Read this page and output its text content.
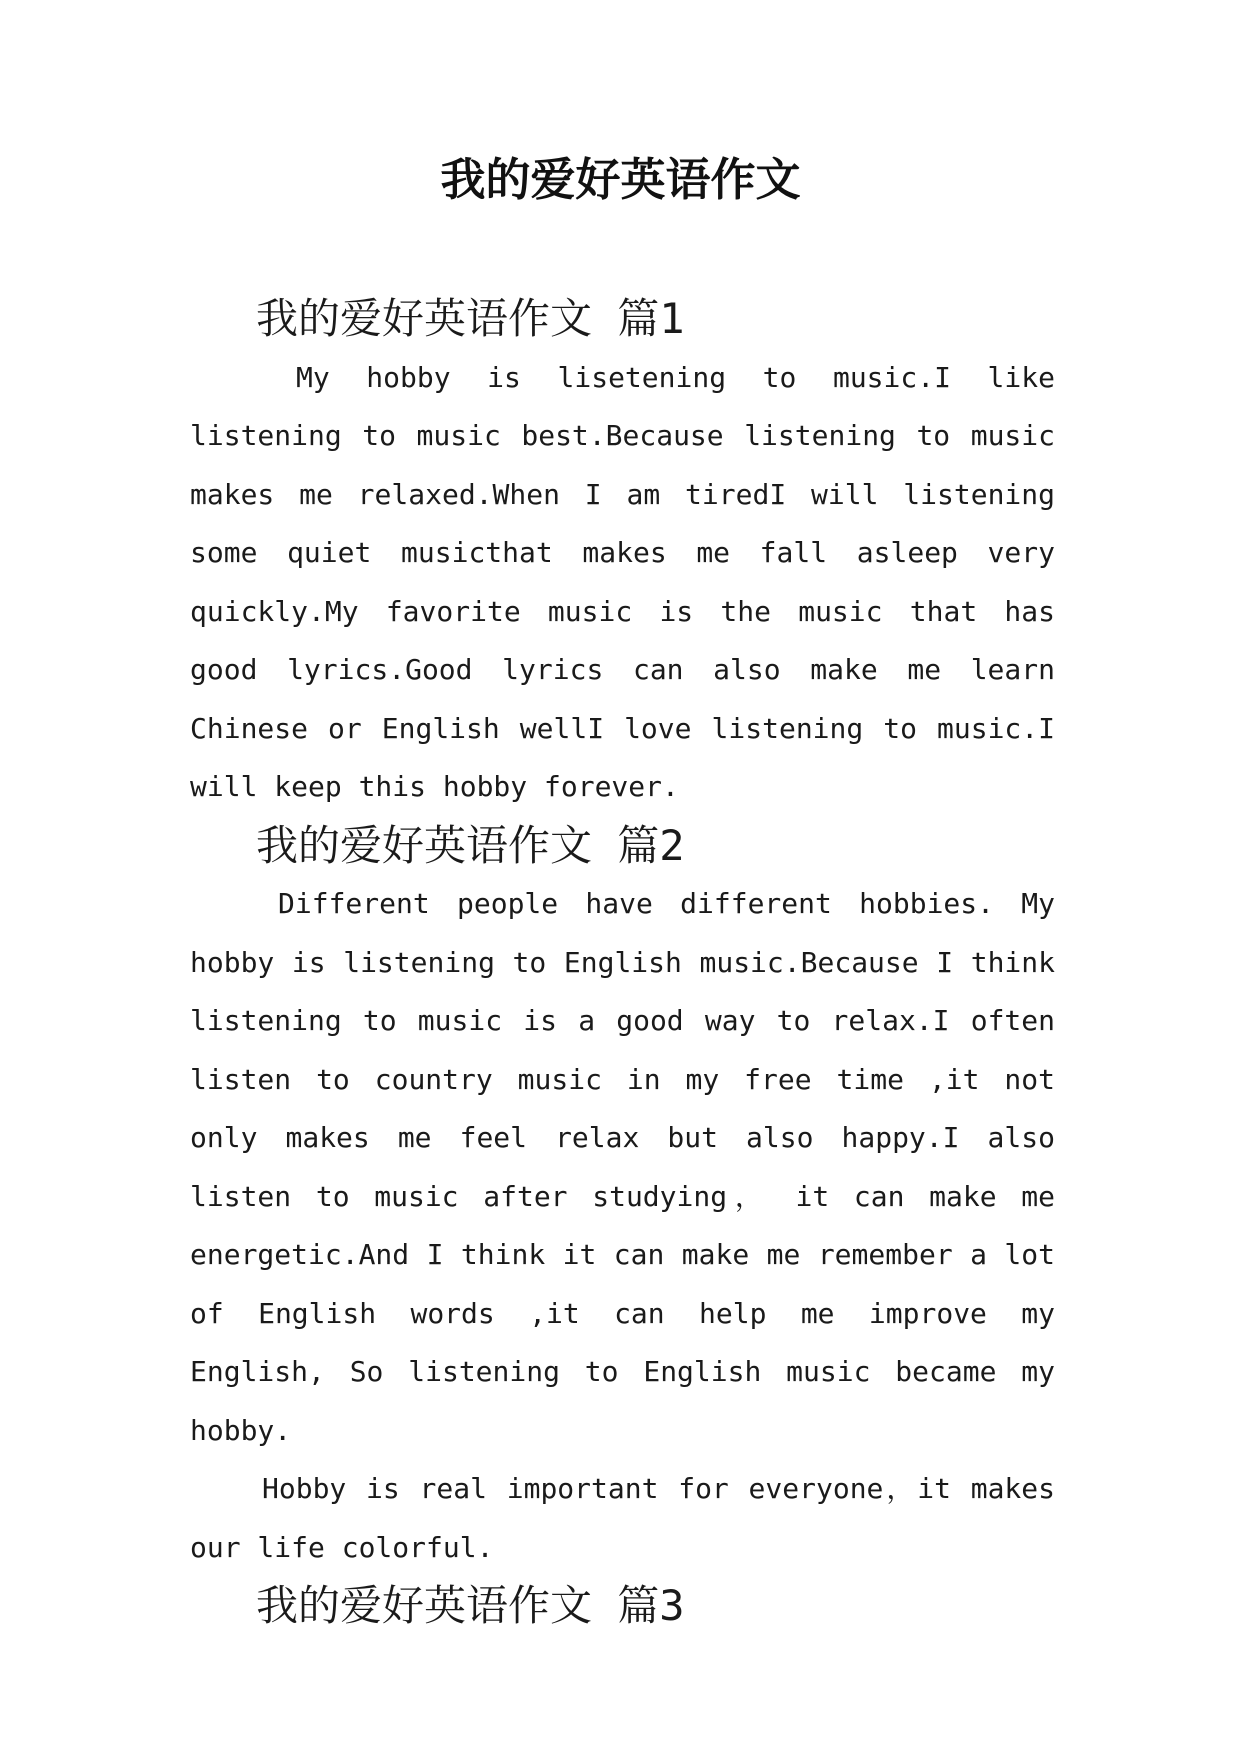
我的爱好英语作文
我的爱好英语作文 篇1

My hobby is lisetening to music.I like listening to music best.Because listening to music makes me relaxed.When I am tiredI will listening some quiet musicthat makes me fall asleep very quickly.My favorite music is the music that has good lyrics.Good lyrics can also make me learn Chinese or English wellI love listening to music.I will keep this hobby forever.

我的爱好英语作文 篇2

Different people have different hobbies. My hobby is listening to English music.Because I think listening to music is a good way to relax.I often listen to country music in my free time ,it not only makes me feel relax but also happy.I also listen to music after studying， it can make me energetic.And I think it can make me remember a lot of English words ,it can help me improve my English, So listening to English music became my hobby.

Hobby is real important for everyone，it makes our life colorful.

我的爱好英语作文 篇3
